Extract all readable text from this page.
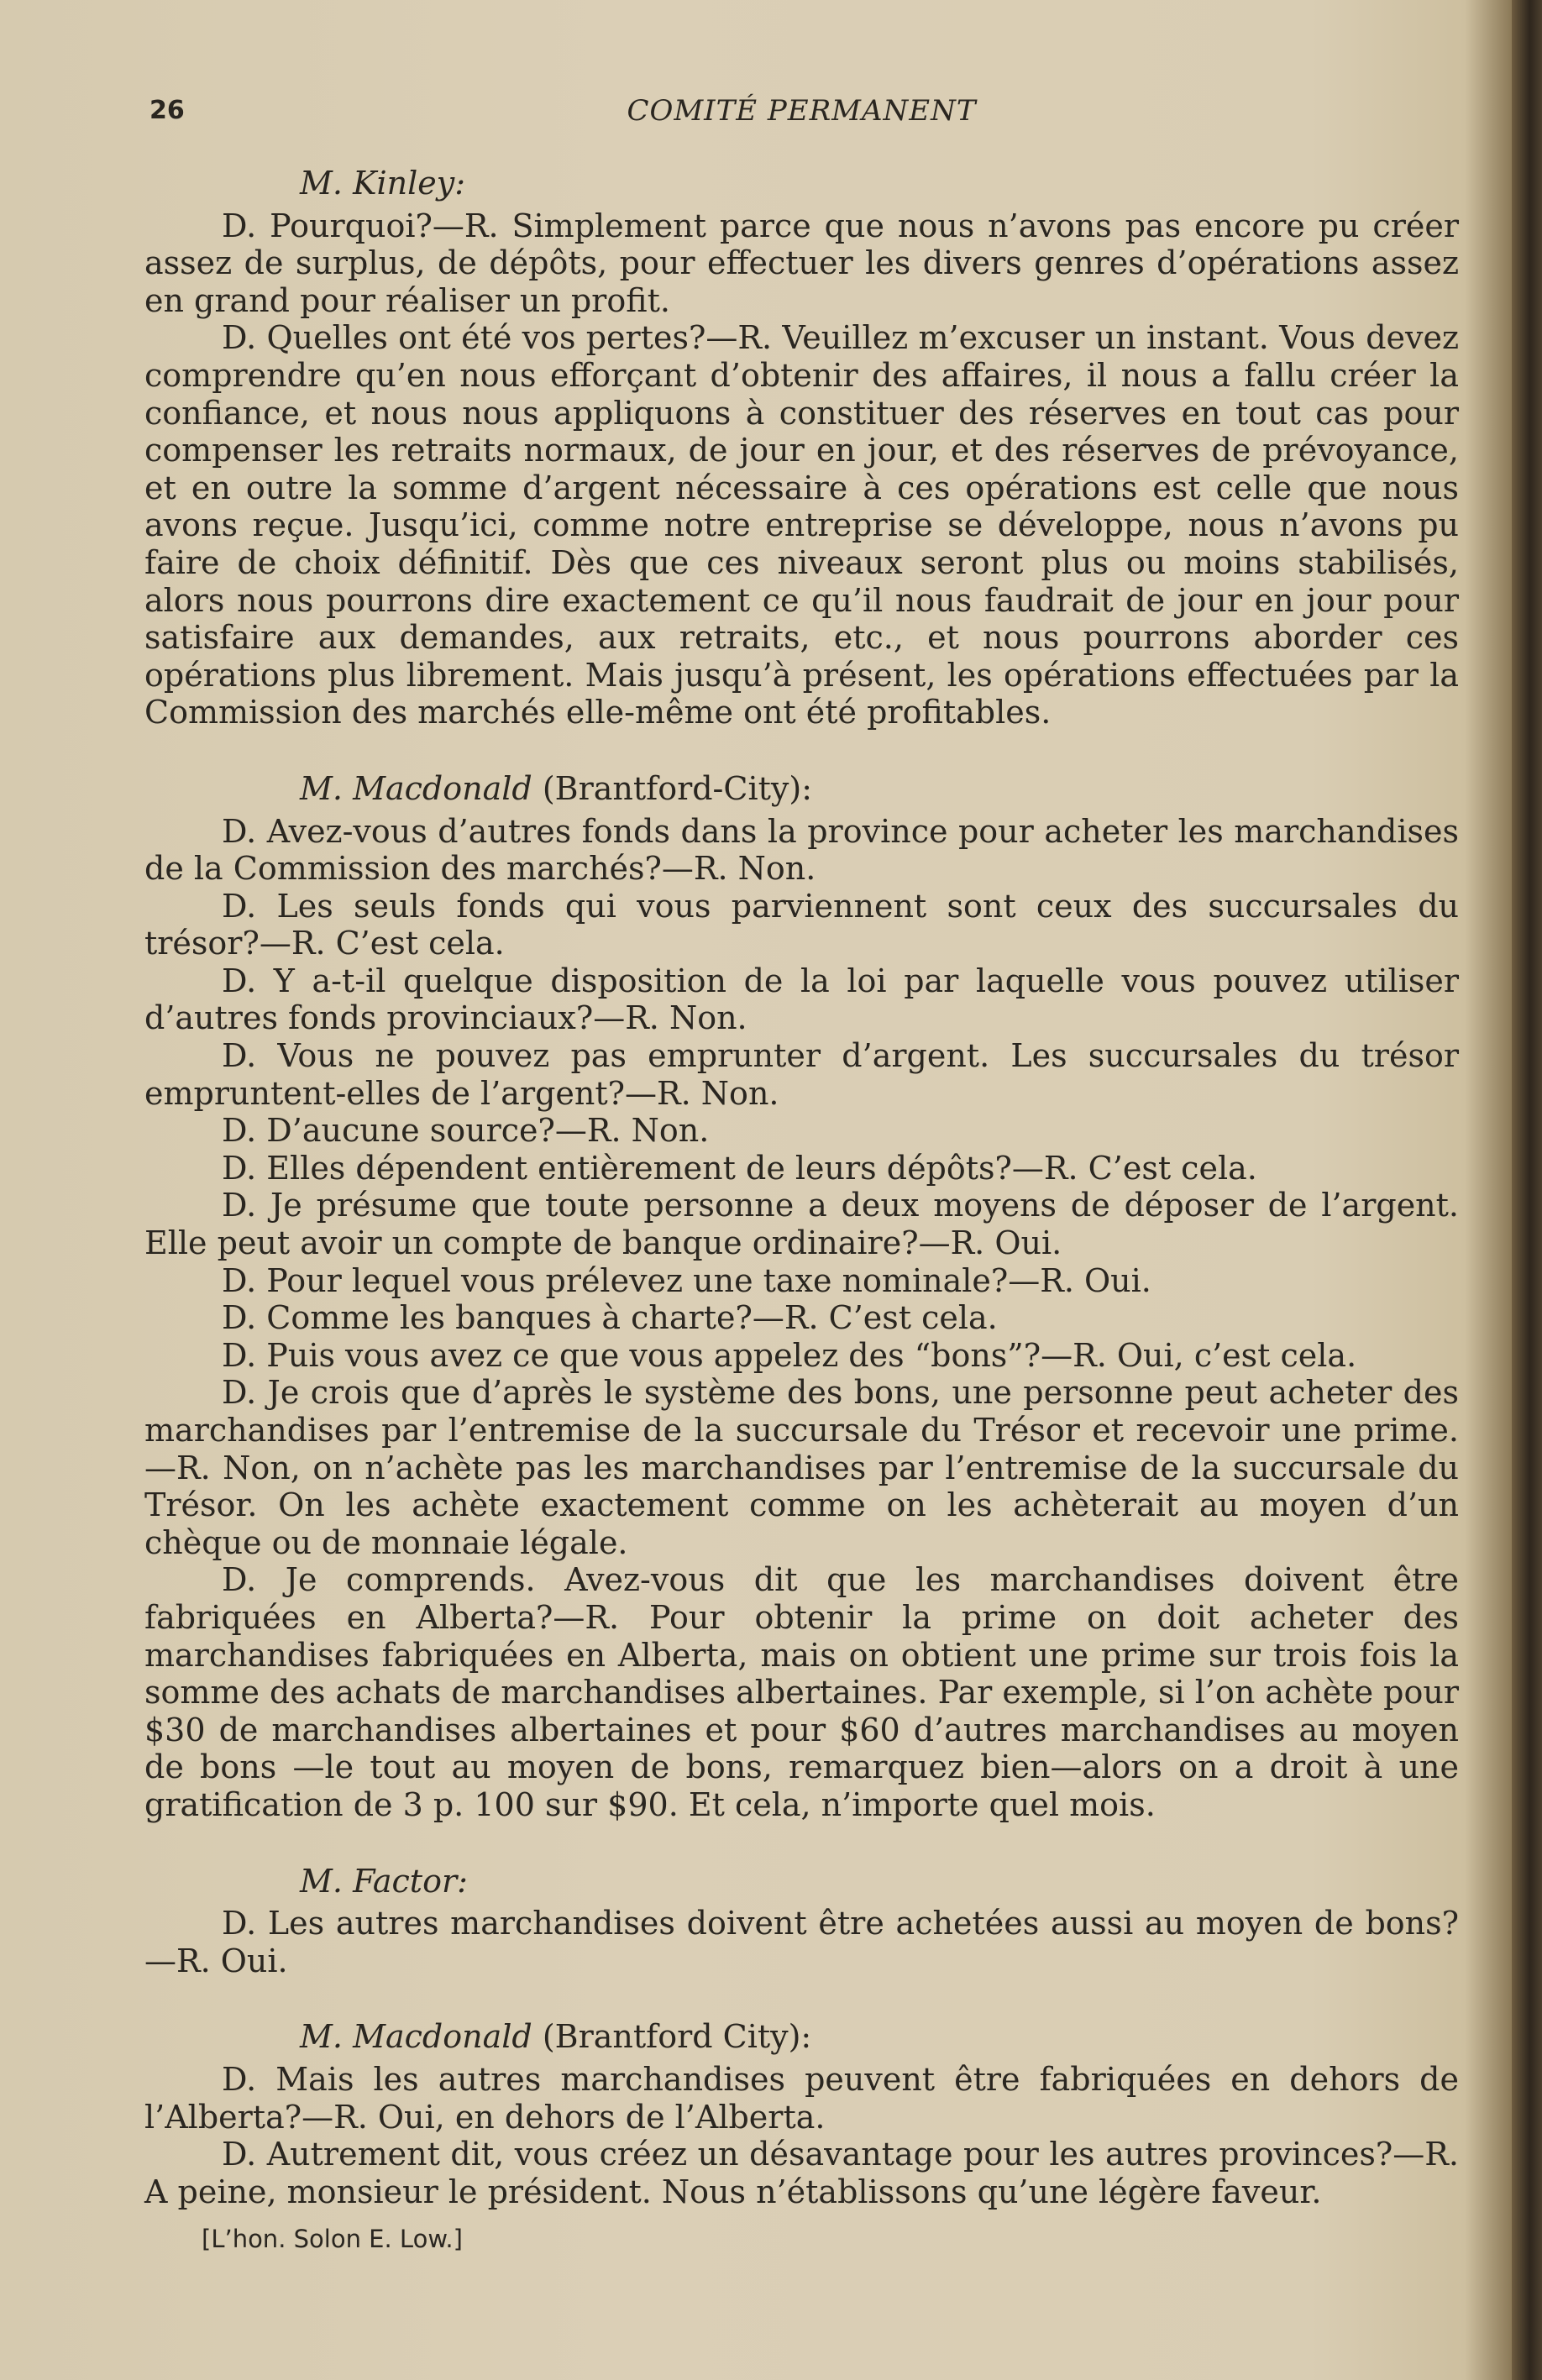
26	COMITÉ PERMANENT
M. Kinley:

D. Pourquoi?—R. Simplement parce que nous n’avons pas encore pu créer assez de surplus, de dépôts, pour effectuer les divers genres d’opérations assez en grand pour réaliser un profit.

D. Quelles ont été vos pertes?—R. Veuillez m’excuser un instant. Vous devez comprendre qu’en nous efforçant d’obtenir des affaires, il nous a fallu créer la confiance, et nous nous appliquons à constituer des réserves en tout cas pour compenser les retraits normaux, de jour en jour, et des réserves de prévoyance, et en outre la somme d’argent nécessaire à ces opérations est celle que nous avons reçue. Jusqu’ici, comme notre entreprise se développe, nous n’avons pu faire de choix définitif. Dès que ces niveaux seront plus ou moins stabilisés, alors nous pourrons dire exactement ce qu’il nous faudrait de jour en jour pour satisfaire aux demandes, aux retraits, etc., et nous pourrons aborder ces opérations plus librement. Mais jusqu’à présent, les opérations effectuées par la Commission des marchés elle-même ont été profitables.

M. Macdonald (Brantford-City):

D. Avez-vous d’autres fonds dans la province pour acheter les marchandises de la Commission des marchés?—R. Non.

D. Les seuls fonds qui vous parviennent sont ceux des succursales du trésor?—R. C’est cela.

D. Y a-t-il quelque disposition de la loi par laquelle vous pouvez utiliser d’autres fonds provinciaux?—R. Non.

D. Vous ne pouvez pas emprunter d’argent. Les succursales du trésor empruntent-elles de l’argent?—R. Non.

D. D’aucune source?—R. Non.

D. Elles dépendent entièrement de leurs dépôts?—R. C’est cela.

D. Je présume que toute personne a deux moyens de déposer de l’argent. Elle peut avoir un compte de banque ordinaire?—R. Oui.

D. Pour lequel vous prélevez une taxe nominale?—R. Oui.

D. Comme les banques à charte?—R. C’est cela.

D. Puis vous avez ce que vous appelez des “bons”?—R. Oui, c’est cela.

D. Je crois que d’après le système des bons, une personne peut acheter des marchandises par l’entremise de la succursale du Trésor et recevoir une prime.—R. Non, on n’achète pas les marchandises par l’entremise de la succursale du Trésor. On les achète exactement comme on les achèterait au moyen d’un chèque ou de monnaie légale.

D. Je comprends. Avez-vous dit que les marchandises doivent être fabriquées en Alberta?—R. Pour obtenir la prime on doit acheter des marchandises fabriquées en Alberta, mais on obtient une prime sur trois fois la somme des achats de marchandises albertaines. Par exemple, si l’on achète pour $30 de marchandises albertaines et pour $60 d’autres marchandises au moyen de bons —le tout au moyen de bons, remarquez bien—alors on a droit à une gratification de 3 p. 100 sur $90. Et cela, n’importe quel mois.

M. Factor:

D. Les autres marchandises doivent être achetées aussi au moyen de bons?—R. Oui.

M. Macdonald (Brantford City):

D. Mais les autres marchandises peuvent être fabriquées en dehors de l’Alberta?—R. Oui, en dehors de l’Alberta.

D. Autrement dit, vous créez un désavantage pour les autres provinces?—R. A peine, monsieur le président. Nous n’établissons qu’une légère faveur.

[L’hon. Solon E. Low.]
